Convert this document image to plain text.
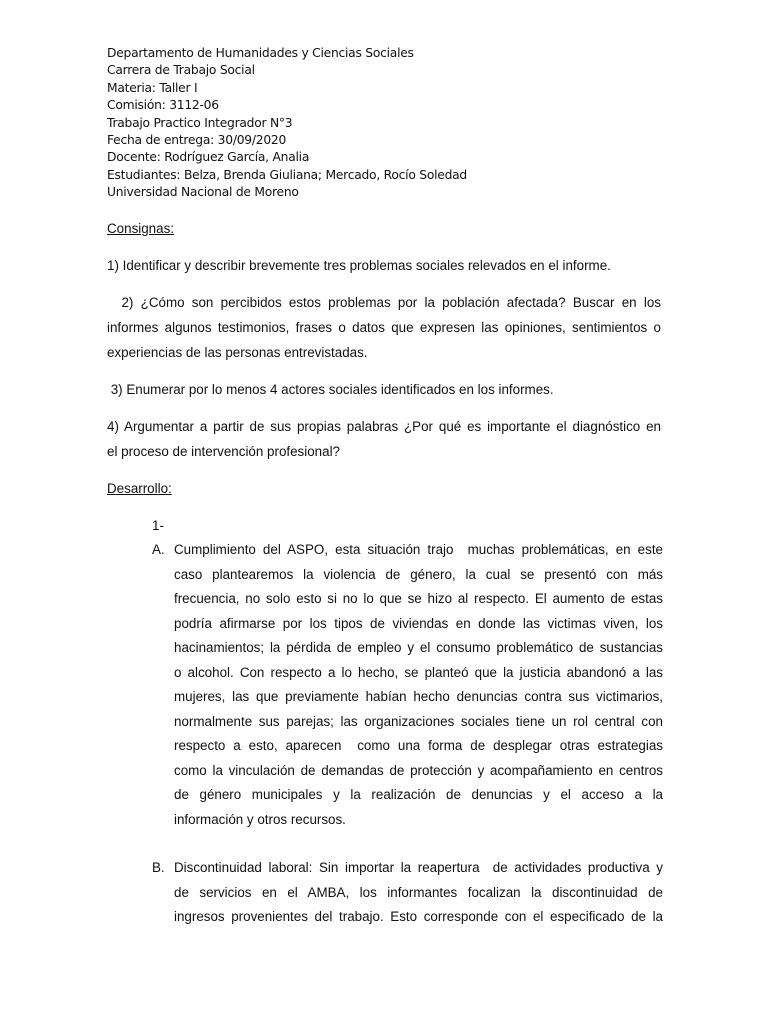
Departamento de Humanidades y Ciencias Sociales
Carrera de Trabajo Social
Materia: Taller I
Comisión: 3112-06
Trabajo Practico Integrador N°3
Fecha de entrega: 30/09/2020
Docente: Rodríguez García, Analia
Estudiantes: Belza, Brenda Giuliana; Mercado, Rocío Soledad
Universidad Nacional de Moreno
Consignas:
1) Identificar y describir brevemente tres problemas sociales relevados en el informe.
2) ¿Cómo son percibidos estos problemas por la población afectada? Buscar en los
informes algunos testimonios, frases o datos que expresen las opiniones, sentimientos o
experiencias de las personas entrevistadas.
3) Enumerar por lo menos 4 actores sociales identificados en los informes.
4) Argumentar a partir de sus propias palabras ¿Por qué es importante el diagnóstico en
el proceso de intervención profesional?
Desarrollo:
1-
A. Cumplimiento del ASPO, esta situación trajo  muchas problemáticas, en este
caso plantearemos la violencia de género, la cual se presentó con más
frecuencia, no solo esto si no lo que se hizo al respecto. El aumento de estas
podría afirmarse por los tipos de viviendas en donde las victimas viven, los
hacinamientos; la pérdida de empleo y el consumo problemático de sustancias
o alcohol. Con respecto a lo hecho, se planteó que la justicia abandonó a las
mujeres, las que previamente habían hecho denuncias contra sus victimarios,
normalmente sus parejas; las organizaciones sociales tiene un rol central con
respecto a esto, aparecen  como una forma de desplegar otras estrategias
como la vinculación de demandas de protección y acompañamiento en centros
de género municipales y la realización de denuncias y el acceso a la
información y otros recursos.
B. Discontinuidad laboral: Sin importar la reapertura  de actividades productiva y
de servicios en el AMBA, los informantes focalizan la discontinuidad de
ingresos provenientes del trabajo. Esto corresponde con el especificado de la
